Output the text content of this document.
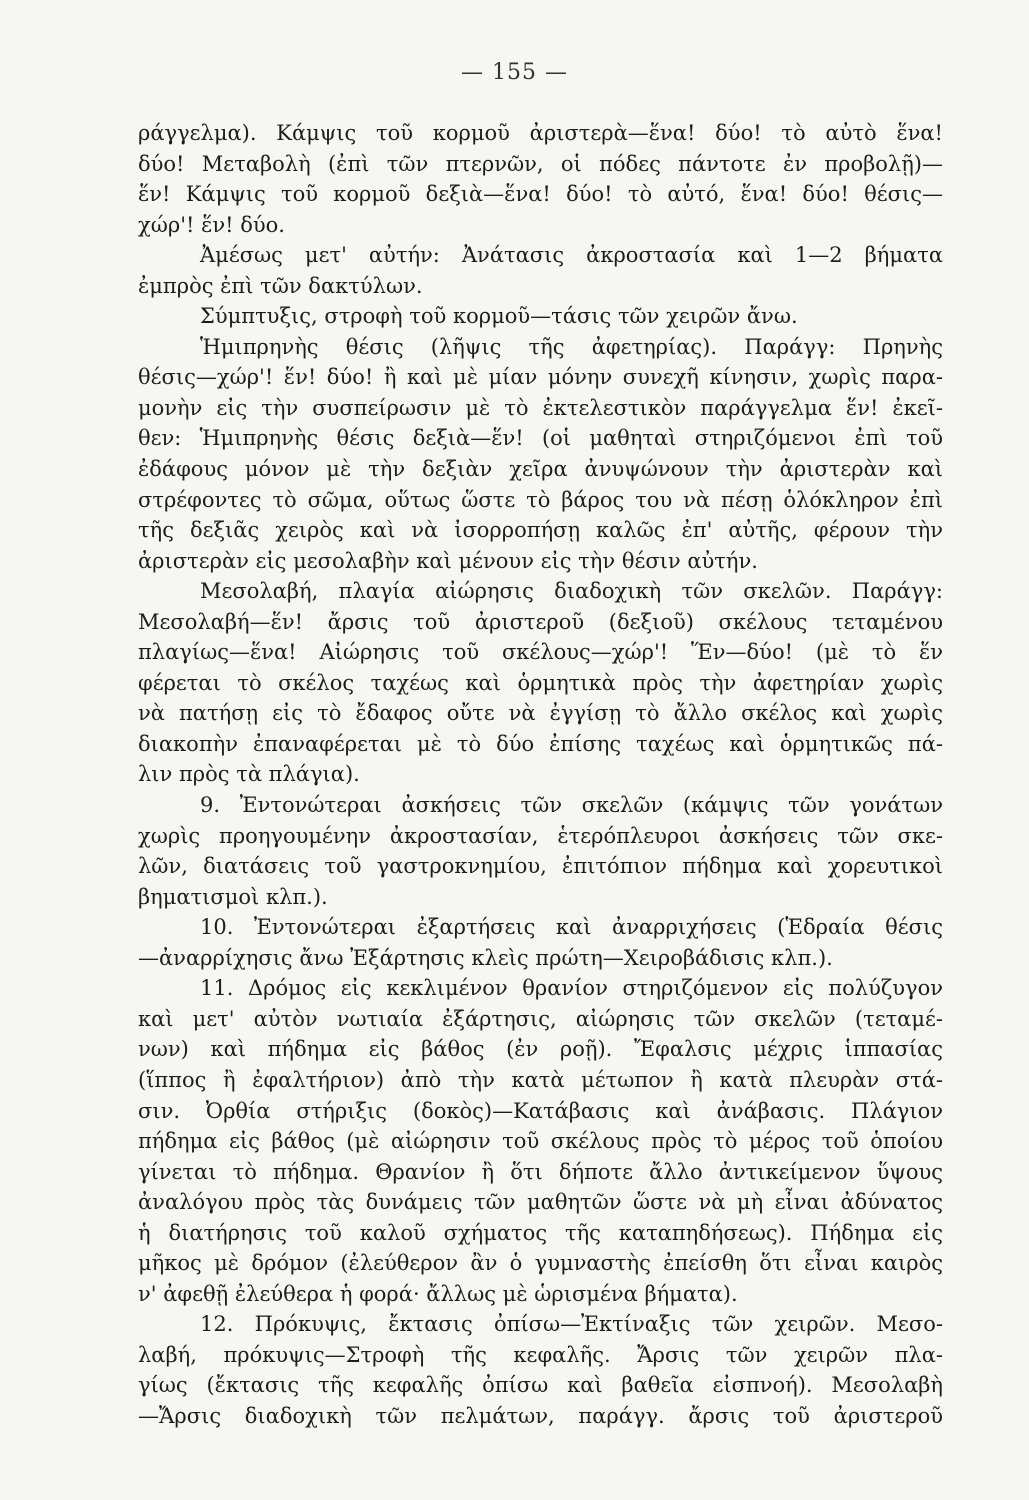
— 155 —
ράγγελμα). Κάμψις τοῦ κορμοῦ ἀριστερὰ—ἕνα! δύο! τὸ αὐτὸ ἕνα!
δύο! Μεταβολὴ (ἐπὶ τῶν πτερνῶν, οἱ πόδες πάντοτε ἐν προβολῇ)—
ἕν! Κάμψις τοῦ κορμοῦ δεξιὰ—ἕνα! δύο! τὸ αὐτό, ἕνα! δύο! θέσις—
χώρ'! ἕν! δύο.
Ἀμέσως μετ' αὐτήν: Ἀνάτασις ἀκροστασία καὶ 1—2 βήματα
ἐμπρὸς ἐπὶ τῶν δακτύλων.
Σύμπτυξις, στροφὴ τοῦ κορμοῦ—τάσις τῶν χειρῶν ἄνω.
Ἡμιπρηνὴς θέσις (λῆψις τῆς ἀφετηρίας). Παράγγ: Πρηνὴς
θέσις—χώρ'! ἕν! δύο! ἢ καὶ μὲ μίαν μόνην συνεχῆ κίνησιν, χωρὶς παρα-
μονὴν εἰς τὴν συσπείρωσιν μὲ τὸ ἐκτελεστικὸν παράγγελμα ἕν! ἐκεῖ-
θεν: Ἡμιπρηνὴς θέσις δεξιὰ—ἕν! (οἱ μαθηταὶ στηριζόμενοι ἐπὶ τοῦ
ἐδάφους μόνον μὲ τὴν δεξιὰν χεῖρα ἀνυψώνουν τὴν ἀριστερὰν καὶ
στρέφοντες τὸ σῶμα, οὕτως ὥστε τὸ βάρος του νὰ πέσῃ ὁλόκληρον ἐπὶ
τῆς δεξιᾶς χειρὸς καὶ νὰ ἰσορροπήσῃ καλῶς ἐπ' αὐτῆς, φέρουν τὴν
ἀριστερὰν εἰς μεσολαβὴν καὶ μένουν εἰς τὴν θέσιν αὐτήν.
Μεσολαβή, πλαγία αἰώρησις διαδοχικὴ τῶν σκελῶν. Παράγγ:
Μεσολαβή—ἕν! ἄρσις τοῦ ἀριστεροῦ (δεξιοῦ) σκέλους τεταμένου
πλαγίως—ἕνα! Αἰώρησις τοῦ σκέλους—χώρ'! Ἕν—δύο! (μὲ τὸ ἕν
φέρεται τὸ σκέλος ταχέως καὶ ὁρμητικὰ πρὸς τὴν ἀφετηρίαν χωρὶς
νὰ πατήσῃ εἰς τὸ ἔδαφος οὔτε νὰ ἐγγίσῃ τὸ ἄλλο σκέλος καὶ χωρὶς
διακοπὴν ἐπαναφέρεται μὲ τὸ δύο ἐπίσης ταχέως καὶ ὁρμητικῶς πά-
λιν πρὸς τὰ πλάγια).
9. Ἐντονώτεραι ἀσκήσεις τῶν σκελῶν (κάμψις τῶν γονάτων
χωρὶς προηγουμένην ἀκροστασίαν, ἑτερόπλευροι ἀσκήσεις τῶν σκε-
λῶν, διατάσεις τοῦ γαστροκνημίου, ἐπιτόπιον πήδημα καὶ χορευτικοὶ
βηματισμοὶ κλπ.).
10. Ἐντονώτεραι ἐξαρτήσεις καὶ ἀναρριχήσεις (Ἑδραία θέσις
—ἀναρρίχησις ἄνω Ἐξάρτησις κλεὶς πρώτη—Χειροβάδισις κλπ.).
11. Δρόμος εἰς κεκλιμένον θρανίον στηριζόμενον εἰς πολύζυγον
καὶ μετ' αὐτὸν νωτιαία ἐξάρτησις, αἰώρησις τῶν σκελῶν (τεταμέ-
νων) καὶ πήδημα εἰς βάθος (ἐν ροῇ). Ἔφαλσις μέχρις ἱππασίας
(ἵππος ἢ ἐφαλτήριον) ἀπὸ τὴν κατὰ μέτωπον ἢ κατὰ πλευρὰν στά-
σιν. Ὀρθία στήριξις (δοκὸς)—Κατάβασις καὶ ἀνάβασις. Πλάγιον
πήδημα εἰς βάθος (μὲ αἰώρησιν τοῦ σκέλους πρὸς τὸ μέρος τοῦ ὁποίου
γίνεται τὸ πήδημα. Θρανίον ἢ ὅτι δήποτε ἄλλο ἀντικείμενον ὕψους
ἀναλόγου πρὸς τὰς δυνάμεις τῶν μαθητῶν ὥστε νὰ μὴ εἶναι ἀδύνατος
ἡ διατήρησις τοῦ καλοῦ σχήματος τῆς καταπηδήσεως). Πήδημα εἰς
μῆκος μὲ δρόμον (ἐλεύθερον ἂν ὁ γυμναστὴς ἐπείσθη ὅτι εἶναι καιρὸς
ν' ἀφεθῇ ἐλεύθερα ἡ φορά· ἄλλως μὲ ὡρισμένα βήματα).
12. Πρόκυψις, ἔκτασις ὀπίσω—Ἐκτίναξις τῶν χειρῶν. Μεσο-
λαβή, πρόκυψις—Στροφὴ τῆς κεφαλῆς. Ἄρσις τῶν χειρῶν πλα-
γίως (ἔκτασις τῆς κεφαλῆς ὀπίσω καὶ βαθεῖα εἰσπνοή). Μεσολαβὴ
—Ἄρσις διαδοχικὴ τῶν πελμάτων, παράγγ. ἄρσις τοῦ ἀριστεροῦ
